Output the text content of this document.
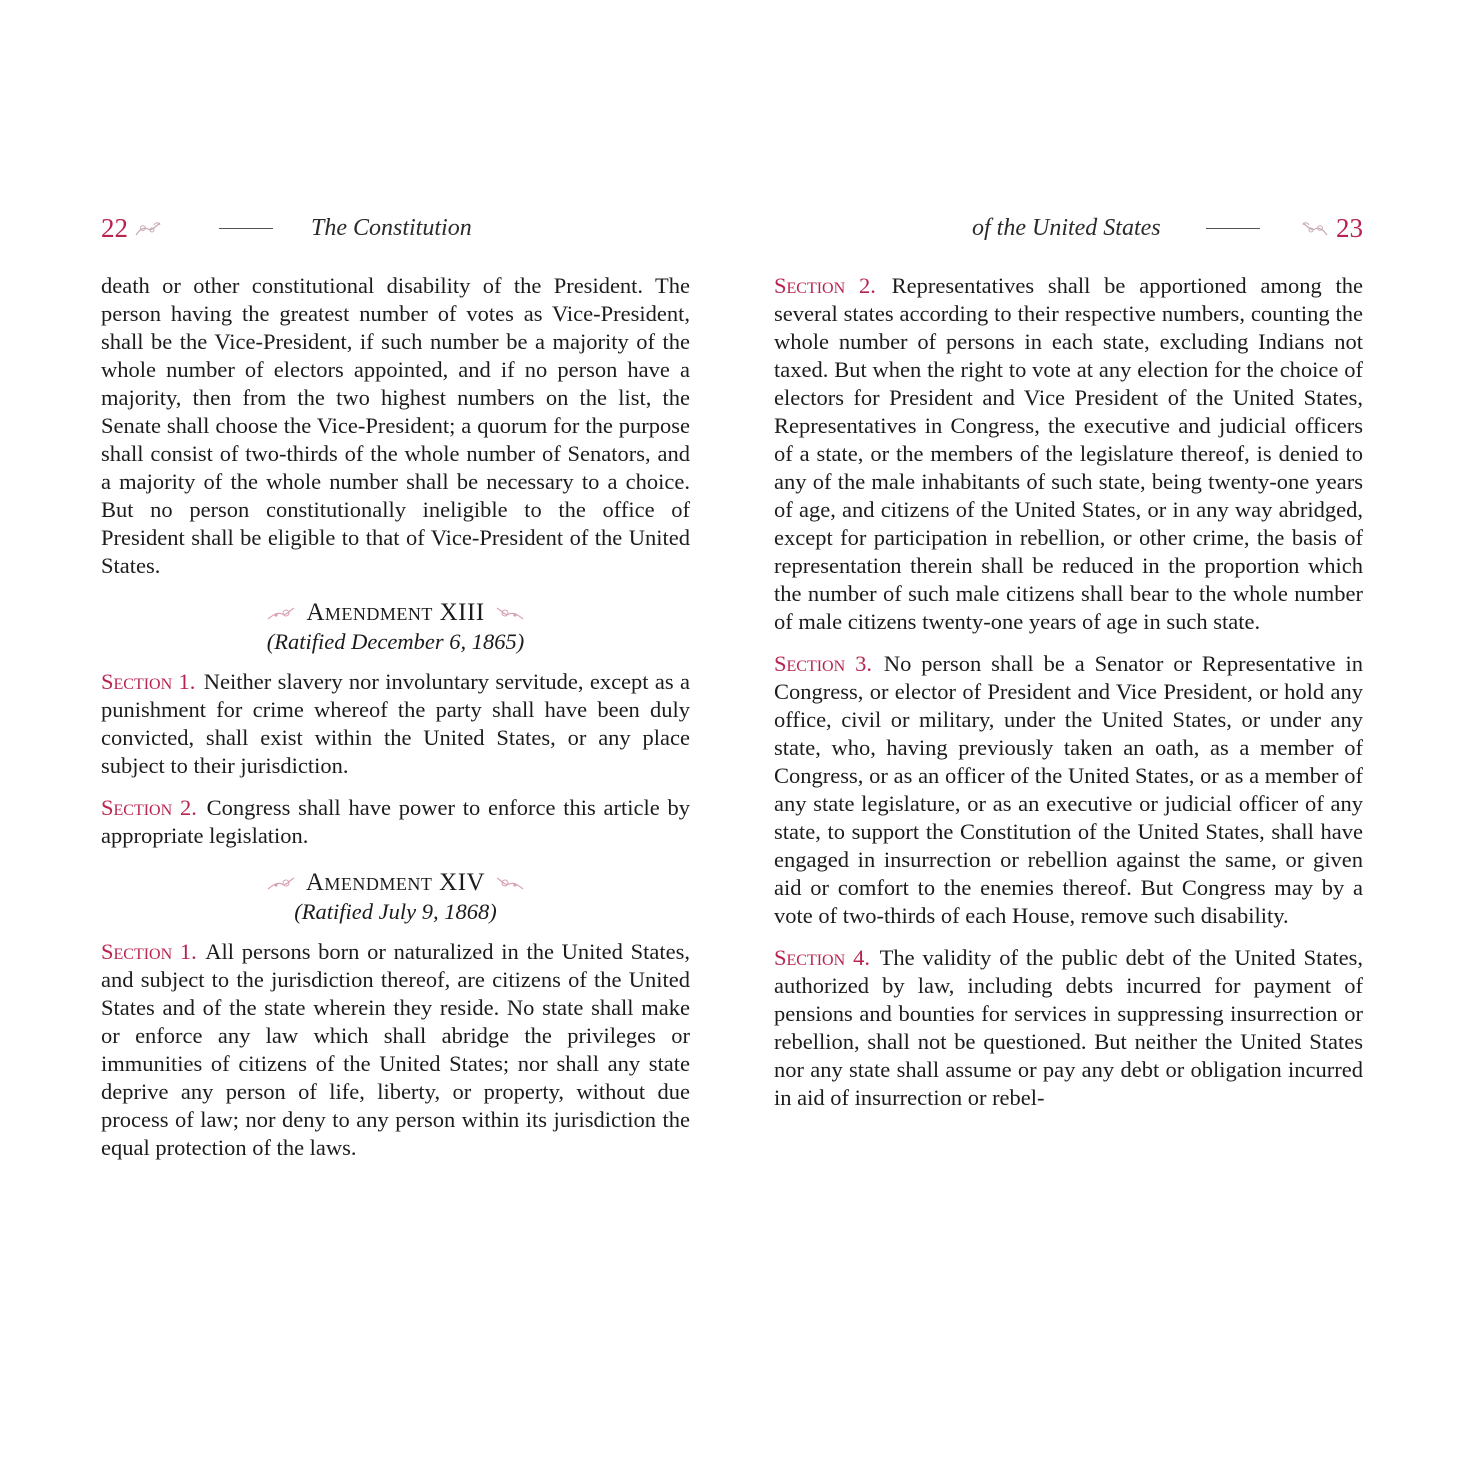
22	The Constitution

death or other constitutional disability of the President. The person having the greatest number of votes as Vice-President, shall be the Vice-President, if such number be a majority of the whole number of electors appointed, and if no person have a majority, then from the two highest numbers on the list, the Senate shall choose the Vice-President; a quorum for the purpose shall consist of two-thirds of the whole number of Senators, and a majority of the whole number shall be necessary to a choice. But no person constitutionally ineligible to the office of President shall be eligible to that of Vice-President of the United States.

Amendment XIII
(Ratified December 6, 1865)

Section 1. Neither slavery nor involuntary servitude, except as a punishment for crime whereof the party shall have been duly convicted, shall exist within the United States, or any place subject to their jurisdiction.

Section 2. Congress shall have power to enforce this article by appropriate legislation.

Amendment XIV
(Ratified July 9, 1868)

Section 1. All persons born or naturalized in the United States, and subject to the jurisdiction thereof, are citizens of the United States and of the state wherein they reside. No state shall make or enforce any law which shall abridge the privileges or immunities of citizens of the United States; nor shall any state deprive any person of life, liberty, or property, without due process of law; nor deny to any person within its jurisdiction the equal protection of the laws.

of the United States	23

Section 2. Representatives shall be apportioned among the several states according to their respective numbers, counting the whole number of persons in each state, excluding Indians not taxed. But when the right to vote at any election for the choice of electors for President and Vice President of the United States, Representatives in Congress, the executive and judicial officers of a state, or the members of the legislature thereof, is denied to any of the male inhabitants of such state, being twenty-one years of age, and citizens of the United States, or in any way abridged, except for participation in rebellion, or other crime, the basis of representation therein shall be reduced in the proportion which the number of such male citizens shall bear to the whole number of male citizens twenty-one years of age in such state.

Section 3. No person shall be a Senator or Representative in Congress, or elector of President and Vice President, or hold any office, civil or military, under the United States, or under any state, who, having previously taken an oath, as a member of Congress, or as an officer of the United States, or as a member of any state legislature, or as an executive or judicial officer of any state, to support the Constitution of the United States, shall have engaged in insurrection or rebellion against the same, or given aid or comfort to the enemies thereof. But Congress may by a vote of two-thirds of each House, remove such disability.

Section 4. The validity of the public debt of the United States, authorized by law, including debts incurred for payment of pensions and bounties for services in suppressing insurrection or rebellion, shall not be questioned. But neither the United States nor any state shall assume or pay any debt or obligation incurred in aid of insurrection or rebel-
